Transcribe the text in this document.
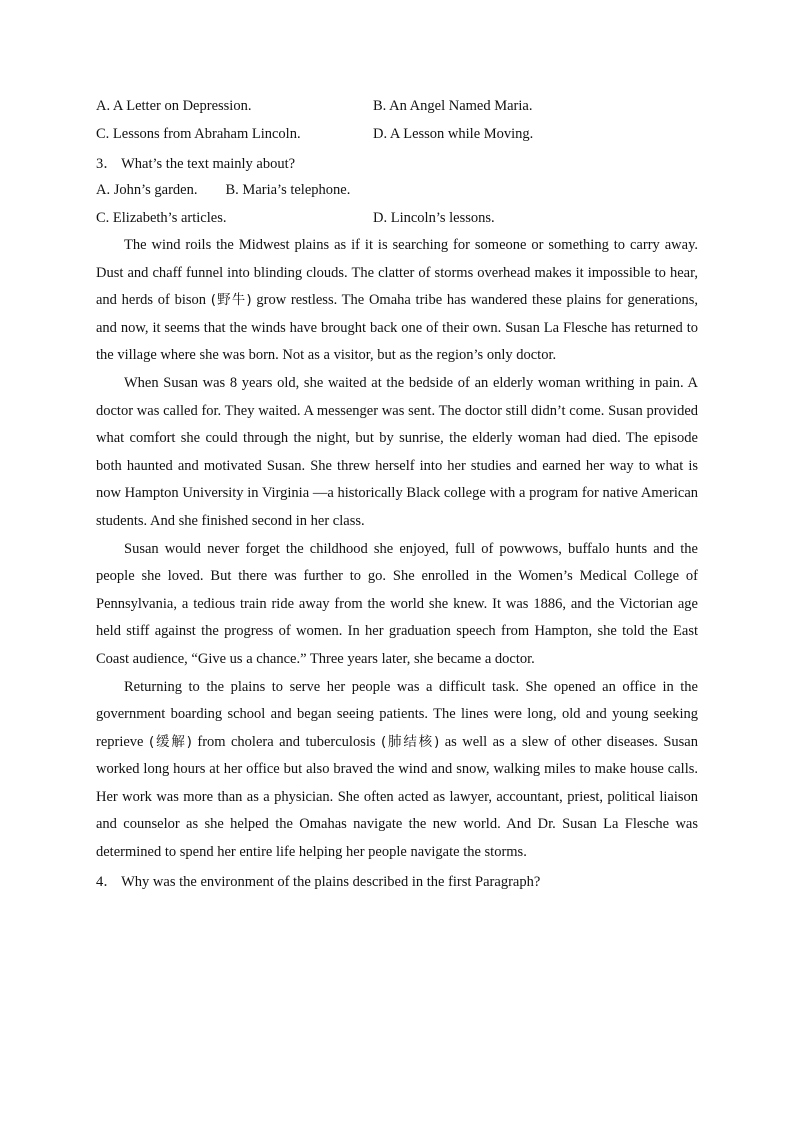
A. A Letter on Depression.	B. An Angel Named Maria.
C. Lessons from Abraham Lincoln.	D. A Lesson while Moving.
3． What’s the text mainly about?
A. John’s garden. B. Maria’s telephone.
C. Elizabeth’s articles.	D. Lincoln’s lessons.

The wind roils the Midwest plains as if it is searching for someone or something to carry away. Dust and chaff funnel into blinding clouds. The clatter of storms overhead makes it impossible to hear, and herds of bison (野牛) grow restless. The Omaha tribe has wandered these plains for generations, and now, it seems that the winds have brought back one of their own. Susan La Flesche has returned to the village where she was born. Not as a visitor, but as the region’s only doctor.

When Susan was 8 years old, she waited at the bedside of an elderly woman writhing in pain. A doctor was called for. They waited. A messenger was sent. The doctor still didn’t come. Susan provided what comfort she could through the night, but by sunrise, the elderly woman had died. The episode both haunted and motivated Susan. She threw herself into her studies and earned her way to what is now Hampton University in Virginia —a historically Black college with a program for native American students. And she finished second in her class.

Susan would never forget the childhood she enjoyed, full of powwows, buffalo hunts and the people she loved. But there was further to go. She enrolled in the Women’s Medical College of Pennsylvania, a tedious train ride away from the world she knew. It was 1886, and the Victorian age held stiff against the progress of women. In her graduation speech from Hampton, she told the East Coast audience, “Give us a chance.” Three years later, she became a doctor.

Returning to the plains to serve her people was a difficult task. She opened an office in the government boarding school and began seeing patients. The lines were long, old and young seeking reprieve (缓解) from cholera and tuberculosis (肺结核) as well as a slew of other diseases. Susan worked long hours at her office but also braved the wind and snow, walking miles to make house calls. Her work was more than as a physician. She often acted as lawyer, accountant, priest, political liaison and counselor as she helped the Omahas navigate the new world. And Dr. Susan La Flesche was determined to spend her entire life helping her people navigate the storms.

4． Why was the environment of the plains described in the first Paragraph?
